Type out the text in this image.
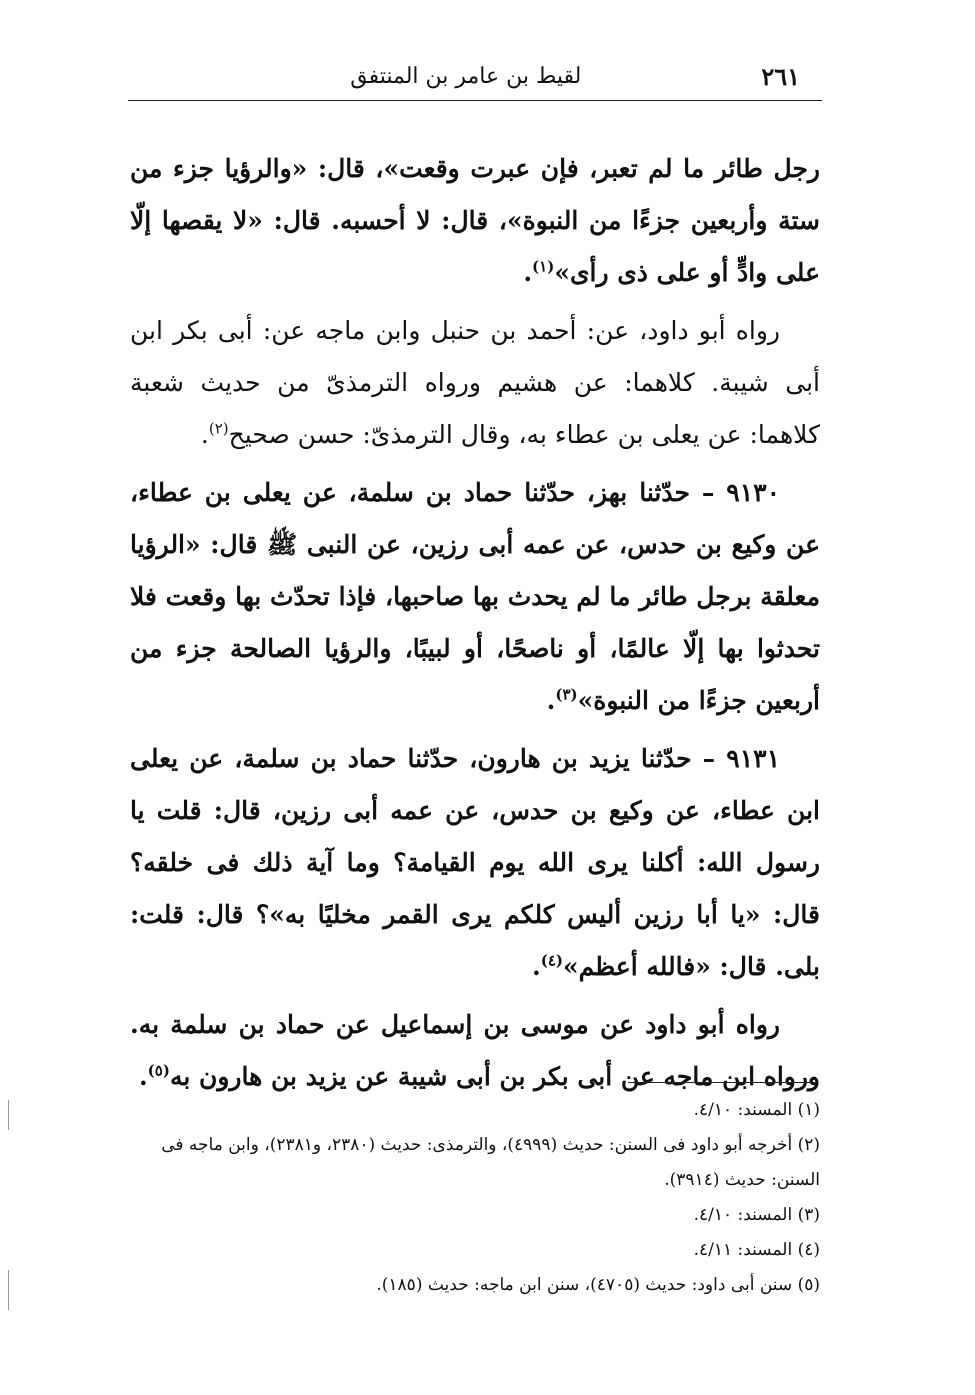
٢٦١
لقيط بن عامر بن المنتفق

رجل طائر ما لم تعبر، فإن عبرت وقعت»، قال: «والرؤيا جزء من ستة وأربعين جزءًا من النبوة»، قال: لا أحسبه. قال: «لا يقصها إلّا على وادٍّ أو على ذى رأى»$^{(١)}$.

رواه أبو داود، عن: أحمد بن حنبل وابن ماجه عن: أبى بكر ابن أبى شيبة. كلاهما: عن هشيم ورواه الترمذىّ من حديث شعبة كلاهما: عن يعلى بن عطاء به، وقال الترمذىّ: حسن صحيح$^{(٢)}$.

٩١٣٠ – حدّثنا بهز، حدّثنا حماد بن سلمة، عن يعلى بن عطاء، عن وكيع بن حدس، عن عمه أبى رزين، عن النبى ﷺ قال: «الرؤيا معلقة برجل طائر ما لم يحدث بها صاحبها، فإذا تحدّث بها وقعت فلا تحدثوا بها إلّا عالمًا، أو ناصحًا، أو لبيبًا، والرؤيا الصالحة جزء من أربعين جزءًا من النبوة»$^{(٣)}$.

٩١٣١ – حدّثنا يزيد بن هارون، حدّثنا حماد بن سلمة، عن يعلى ابن عطاء، عن وكيع بن حدس، عن عمه أبى رزين، قال: قلت يا رسول الله: أكلنا يرى الله يوم القيامة؟ وما آية ذلك فى خلقه؟ قال: «يا أبا رزين أليس كلكم يرى القمر مخليًا به»؟ قال: قلت: بلى. قال: «فالله أعظم»$^{(٤)}$.

رواه أبو داود عن موسى بن إسماعيل عن حماد بن سلمة به. ورواه ابن ماجه عن أبى بكر بن أبى شيبة عن يزيد بن هارون به$^{(٥)}$.

(١) المسند: ٤/١٠.

(٢) أخرجه أبو داود فى السنن: حديث (٤٩٩٩)، والترمذى: حديث (٢٣٨٠، و٢٣٨١)، وابن ماجه فى السنن: حديث (٣٩١٤).

(٣) المسند: ٤/١٠.

(٤) المسند: ٤/١١.

(٥) سنن أبى داود: حديث (٤٧٠٥)، سنن ابن ماجه: حديث (١٨٥).
